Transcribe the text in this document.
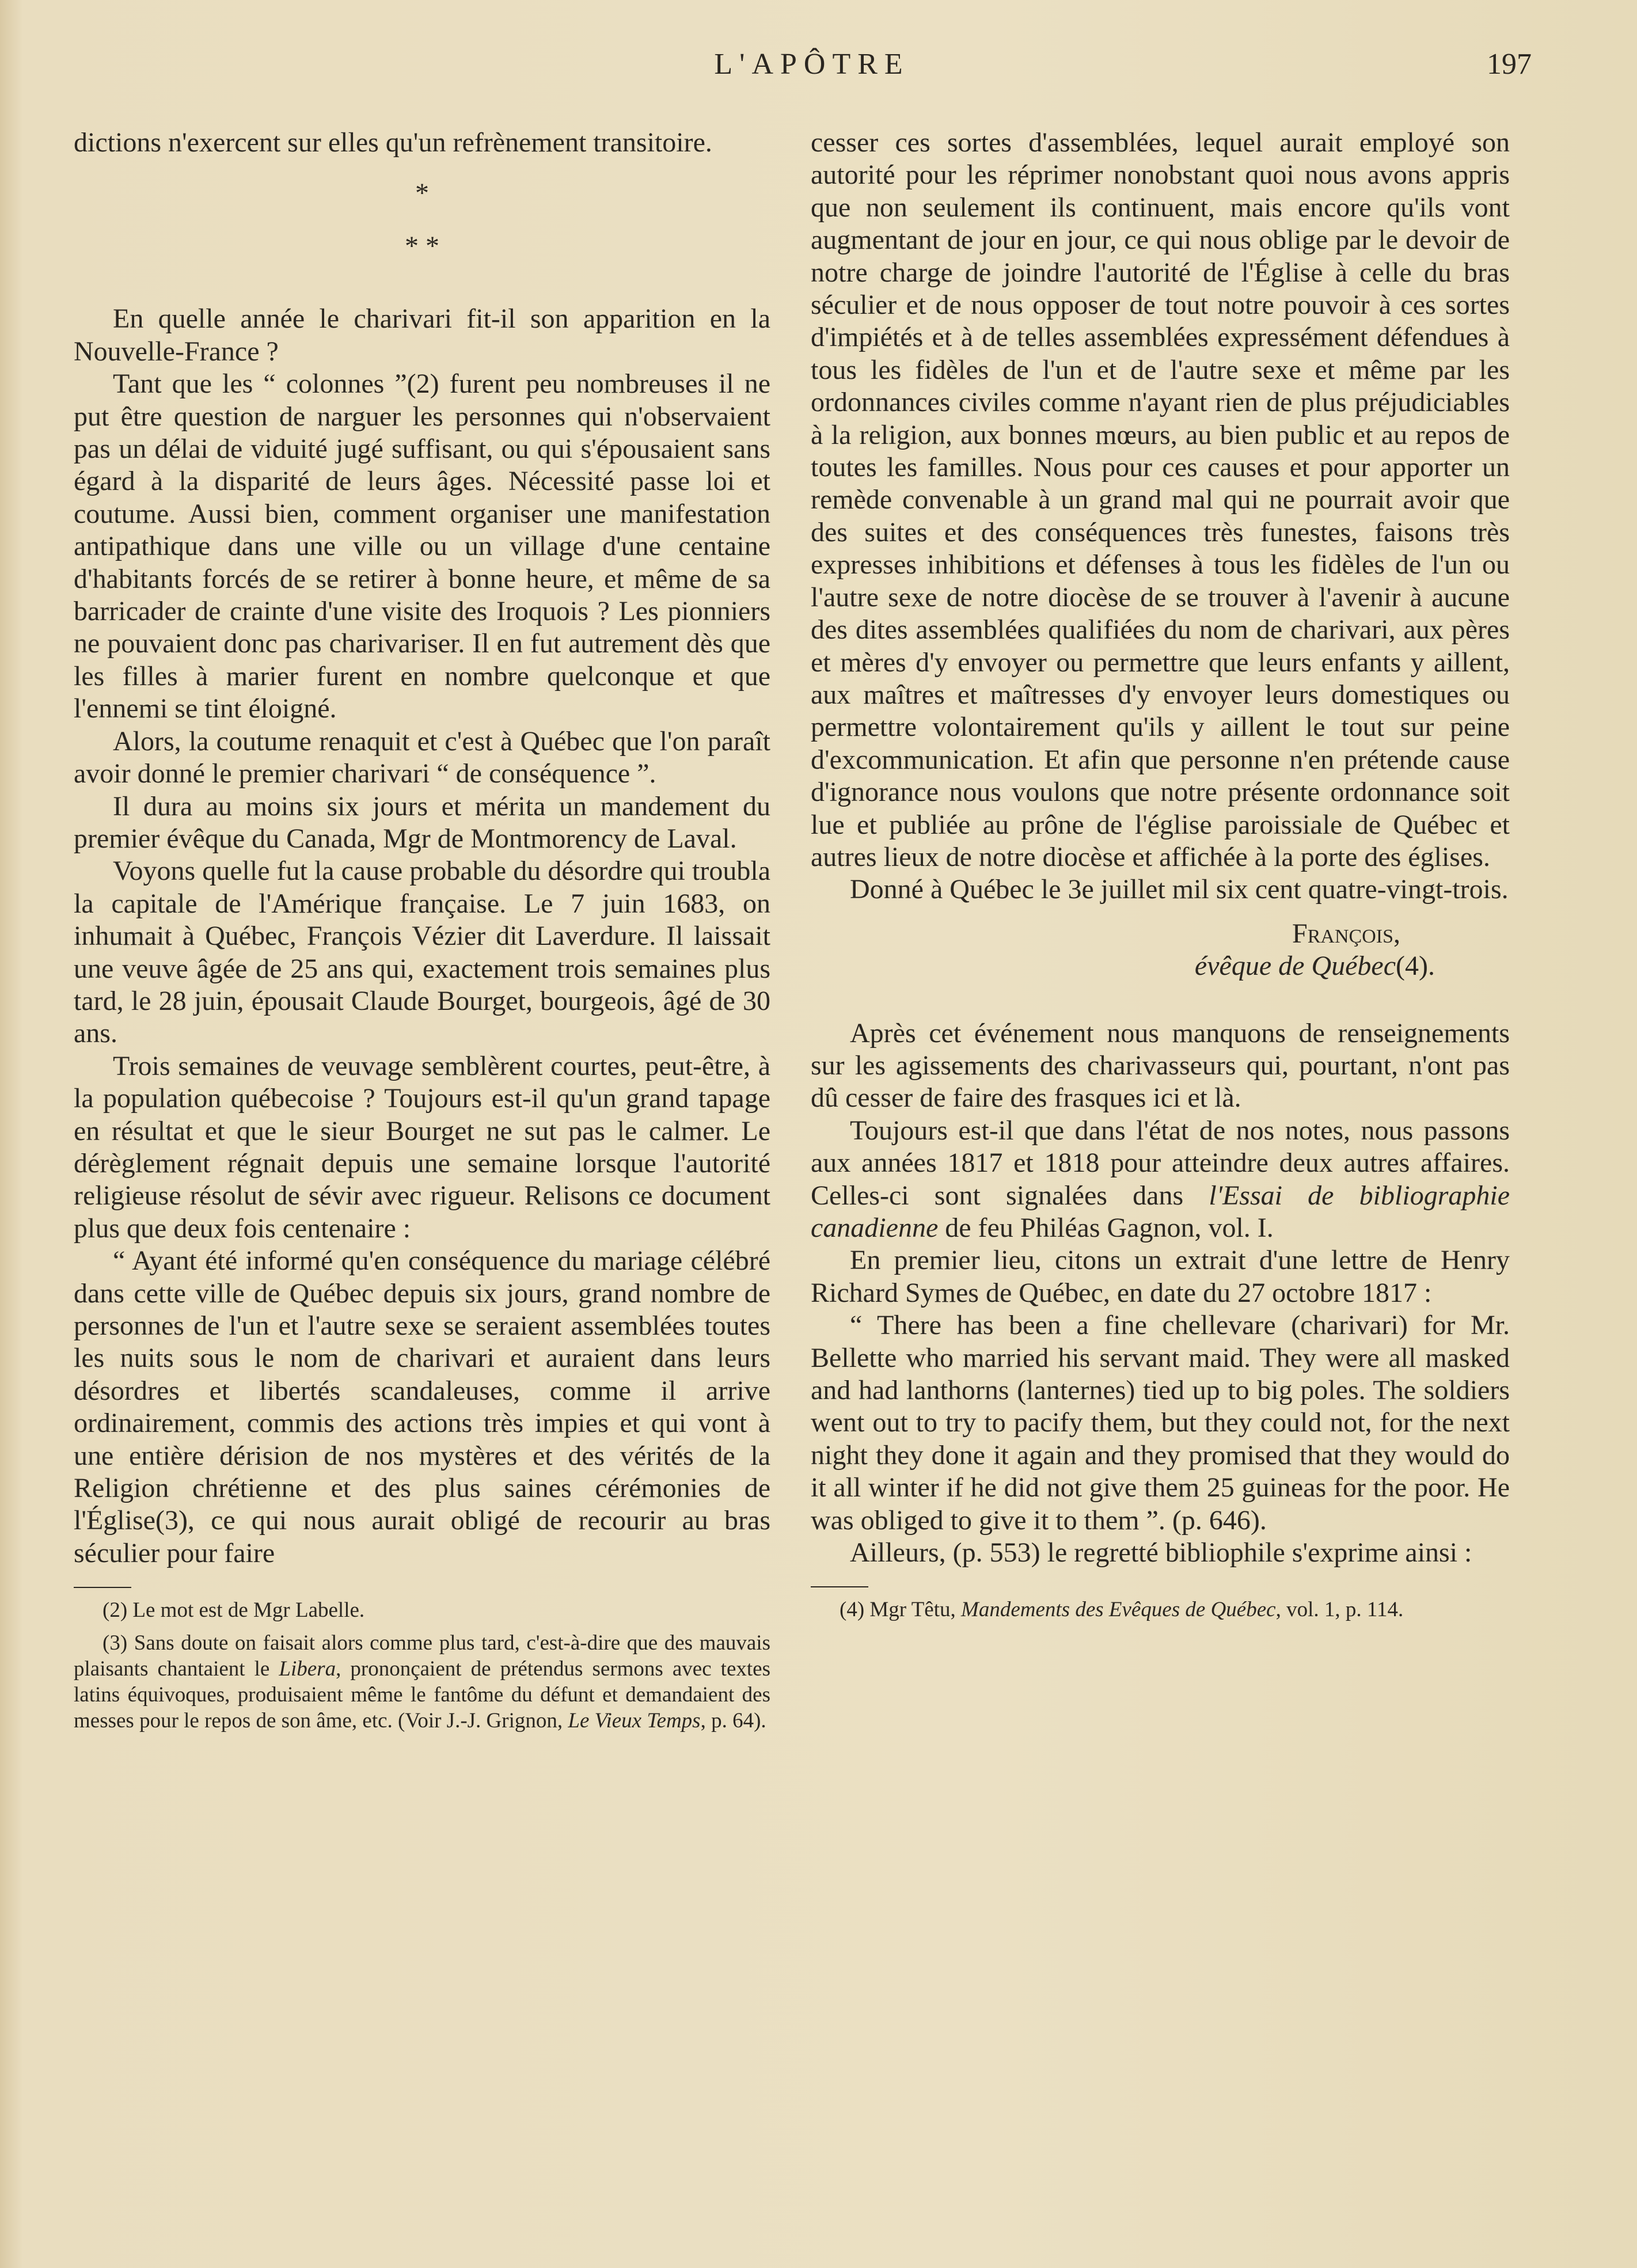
L'APÔTRE	197

dictions n'exercent sur elles qu'un refrènement transitoire.

*

* *

En quelle année le charivari fit-il son apparition en la Nouvelle-France ?

Tant que les “ colonnes ”(2) furent peu nombreuses il ne put être question de narguer les personnes qui n'observaient pas un délai de viduité jugé suffisant, ou qui s'épousaient sans égard à la disparité de leurs âges. Nécessité passe loi et coutume. Aussi bien, comment organiser une manifestation antipathique dans une ville ou un village d'une centaine d'habitants forcés de se retirer à bonne heure, et même de sa barricader de crainte d'une visite des Iroquois ? Les pionniers ne pouvaient donc pas charivariser. Il en fut autrement dès que les filles à marier furent en nombre quelconque et que l'ennemi se tint éloigné.

Alors, la coutume renaquit et c'est à Québec que l'on paraît avoir donné le premier charivari “ de conséquence ”.

Il dura au moins six jours et mérita un mandement du premier évêque du Canada, Mgr de Montmorency de Laval.

Voyons quelle fut la cause probable du désordre qui troubla la capitale de l'Amérique française. Le 7 juin 1683, on inhumait à Québec, François Vézier dit Laverdure. Il laissait une veuve âgée de 25 ans qui, exactement trois semaines plus tard, le 28 juin, épousait Claude Bourget, bourgeois, âgé de 30 ans.

Trois semaines de veuvage semblèrent courtes, peut-être, à la population québecoise ? Toujours est-il qu'un grand tapage en résultat et que le sieur Bourget ne sut pas le calmer. Le dérèglement régnait depuis une semaine lorsque l'autorité religieuse résolut de sévir avec rigueur. Relisons ce document plus que deux fois centenaire :

“ Ayant été informé qu'en conséquence du mariage célébré dans cette ville de Québec depuis six jours, grand nombre de personnes de l'un et l'autre sexe se seraient assemblées toutes les nuits sous le nom de charivari et auraient dans leurs désordres et libertés scandaleuses, comme il arrive ordinairement, commis des actions très impies et qui vont à une entière dérision de nos mystères et des vérités de la Religion chrétienne et des plus saines cérémonies de l'Église(3), ce qui nous aurait obligé de recourir au bras séculier pour faire

(2) Le mot est de Mgr Labelle.

(3) Sans doute on faisait alors comme plus tard, c'est-à-dire que des mauvais plaisants chantaient le Libera, prononçaient de prétendus sermons avec textes latins équivoques, produisaient même le fantôme du défunt et demandaient des messes pour le repos de son âme, etc. (Voir J.-J. Grignon, Le Vieux Temps, p. 64).

cesser ces sortes d'assemblées, lequel aurait employé son autorité pour les réprimer nonobstant quoi nous avons appris que non seulement ils continuent, mais encore qu'ils vont augmentant de jour en jour, ce qui nous oblige par le devoir de notre charge de joindre l'autorité de l'Église à celle du bras séculier et de nous opposer de tout notre pouvoir à ces sortes d'impiétés et à de telles assemblées expressément défendues à tous les fidèles de l'un et de l'autre sexe et même par les ordonnances civiles comme n'ayant rien de plus préjudiciables à la religion, aux bonnes mœurs, au bien public et au repos de toutes les familles. Nous pour ces causes et pour apporter un remède convenable à un grand mal qui ne pourrait avoir que des suites et des conséquences très funestes, faisons très expresses inhibitions et défenses à tous les fidèles de l'un ou l'autre sexe de notre diocèse de se trouver à l'avenir à aucune des dites assemblées qualifiées du nom de charivari, aux pères et mères d'y envoyer ou permettre que leurs enfants y aillent, aux maîtres et maîtresses d'y envoyer leurs domestiques ou permettre volontairement qu'ils y aillent le tout sur peine d'excommunication. Et afin que personne n'en prétende cause d'ignorance nous voulons que notre présente ordonnance soit lue et publiée au prône de l'église paroissiale de Québec et autres lieux de notre diocèse et affichée à la porte des églises.

Donné à Québec le 3e juillet mil six cent quatre-vingt-trois.

François,

évêque de Québec(4).

Après cet événement nous manquons de renseignements sur les agissements des charivasseurs qui, pourtant, n'ont pas dû cesser de faire des frasques ici et là.

Toujours est-il que dans l'état de nos notes, nous passons aux années 1817 et 1818 pour atteindre deux autres affaires. Celles-ci sont signalées dans l'Essai de bibliographie canadienne de feu Philéas Gagnon, vol. I.

En premier lieu, citons un extrait d'une lettre de Henry Richard Symes de Québec, en date du 27 octobre 1817 :

“ There has been a fine chellevare (charivari) for Mr. Bellette who married his servant maid. They were all masked and had lanthorns (lanternes) tied up to big poles. The soldiers went out to try to pacify them, but they could not, for the next night they done it again and they promised that they would do it all winter if he did not give them 25 guineas for the poor. He was obliged to give it to them ”. (p. 646).

Ailleurs, (p. 553) le regretté bibliophile s'exprime ainsi :

(4) Mgr Têtu, Mandements des Evêques de Québec, vol. 1, p. 114.
